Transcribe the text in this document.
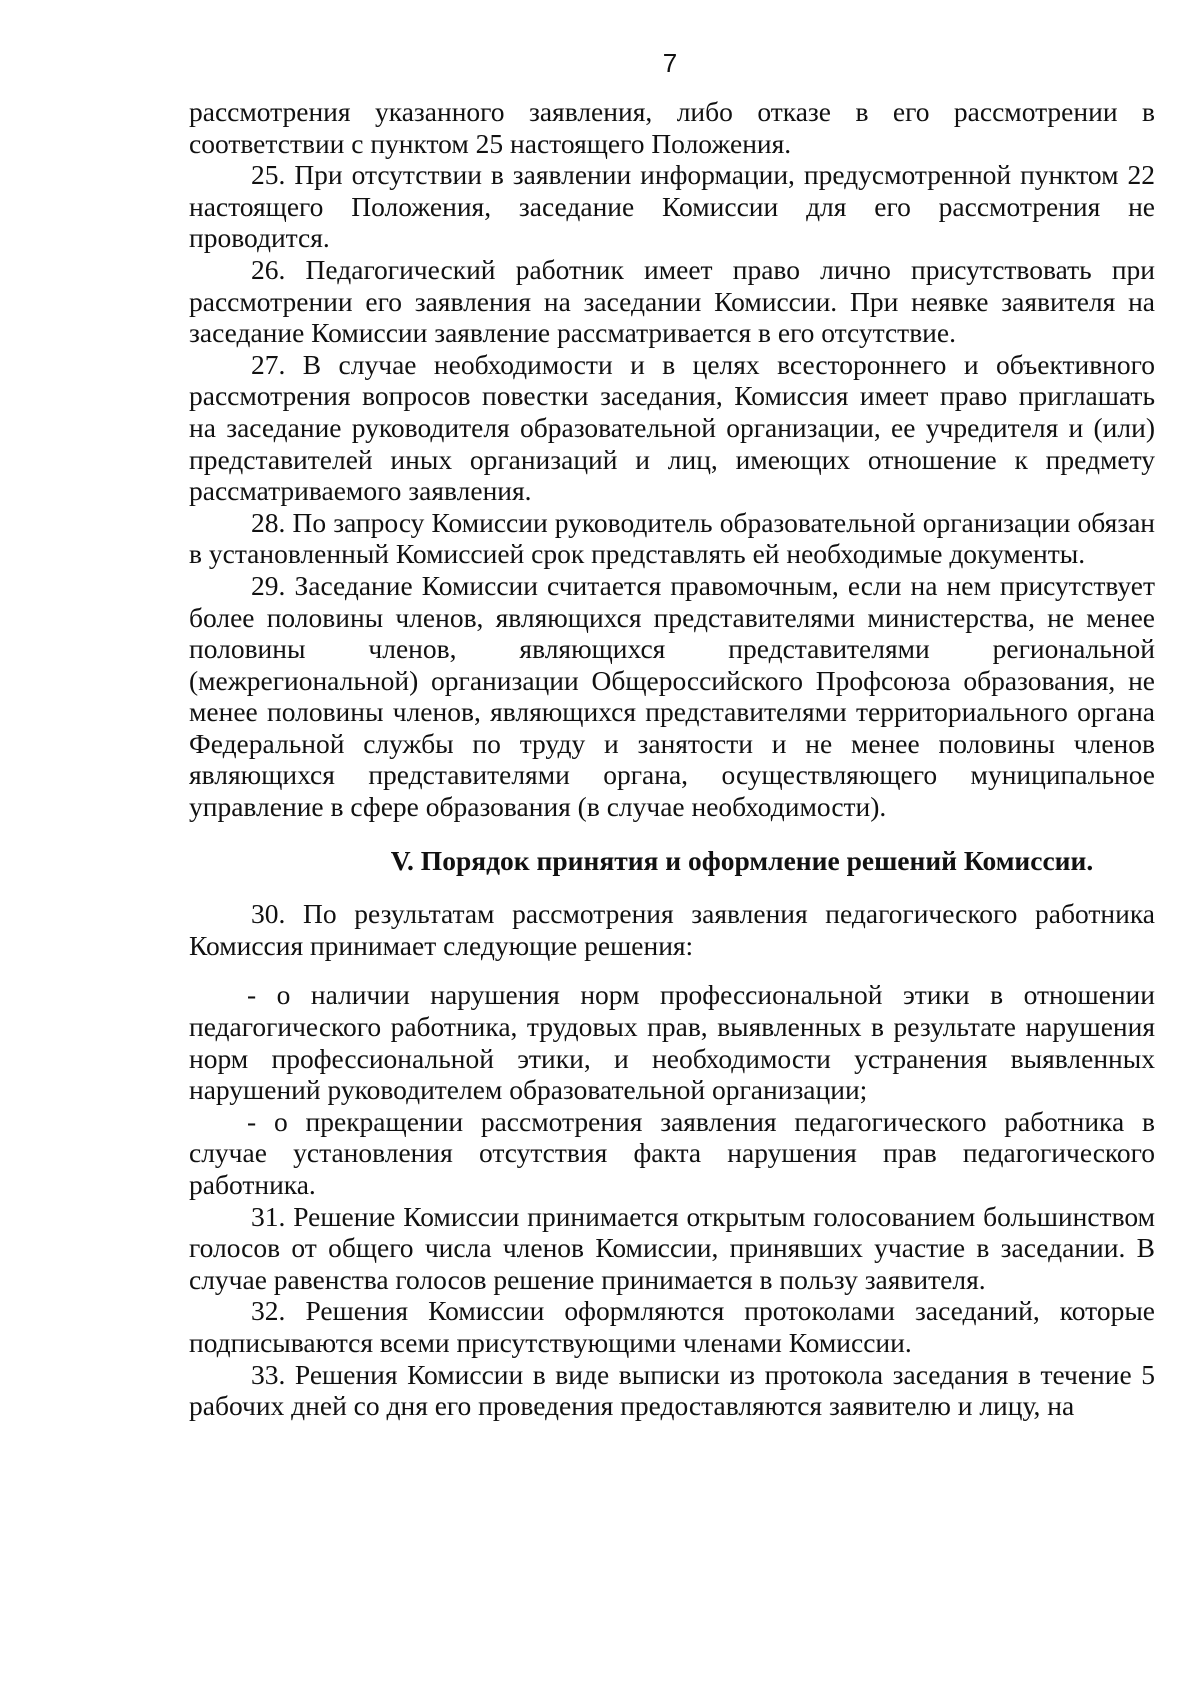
7

рассмотрения указанного заявления, либо отказе в его рассмотрении в соответствии с пунктом 25 настоящего Положения.

25. При отсутствии в заявлении информации, предусмотренной пунктом 22 настоящего Положения, заседание Комиссии для его рассмотрения не проводится.

26. Педагогический работник имеет право лично присутствовать при рассмотрении его заявления на заседании Комиссии. При неявке заявителя на заседание Комиссии заявление рассматривается в его отсутствие.

27. В случае необходимости и в целях всестороннего и объективного рассмотрения вопросов повестки заседания, Комиссия имеет право приглашать на заседание руководителя образовательной организации, ее учредителя и (или) представителей иных организаций и лиц, имеющих отношение к предмету рассматриваемого заявления.

28. По запросу Комиссии руководитель образовательной организации обязан в установленный Комиссией срок представлять ей необходимые документы.

29. Заседание Комиссии считается правомочным, если на нем присутствует более половины членов, являющихся представителями министерства, не менее половины членов, являющихся представителями региональной (межрегиональной) организации Общероссийского Профсоюза образования, не менее половины членов, являющихся представителями территориального органа Федеральной службы по труду и занятости и не менее половины членов являющихся представителями органа, осуществляющего муниципальное управление в сфере образования (в случае необходимости).

V. Порядок принятия и оформление решений Комиссии.

30. По результатам рассмотрения заявления педагогического работника Комиссия принимает следующие решения:

- о наличии нарушения норм профессиональной этики в отношении педагогического работника, трудовых прав, выявленных в результате нарушения норм профессиональной этики, и необходимости устранения выявленных нарушений руководителем образовательной организации;

- о прекращении рассмотрения заявления педагогического работника в случае установления отсутствия факта нарушения прав педагогического работника.

31. Решение Комиссии принимается открытым голосованием большинством голосов от общего числа членов Комиссии, принявших участие в заседании. В случае равенства голосов решение принимается в пользу заявителя.

32. Решения Комиссии оформляются протоколами заседаний, которые подписываются всеми присутствующими членами Комиссии.

33. Решения Комиссии в виде выписки из протокола заседания в течение 5 рабочих дней со дня его проведения предоставляются заявителю и лицу, на
